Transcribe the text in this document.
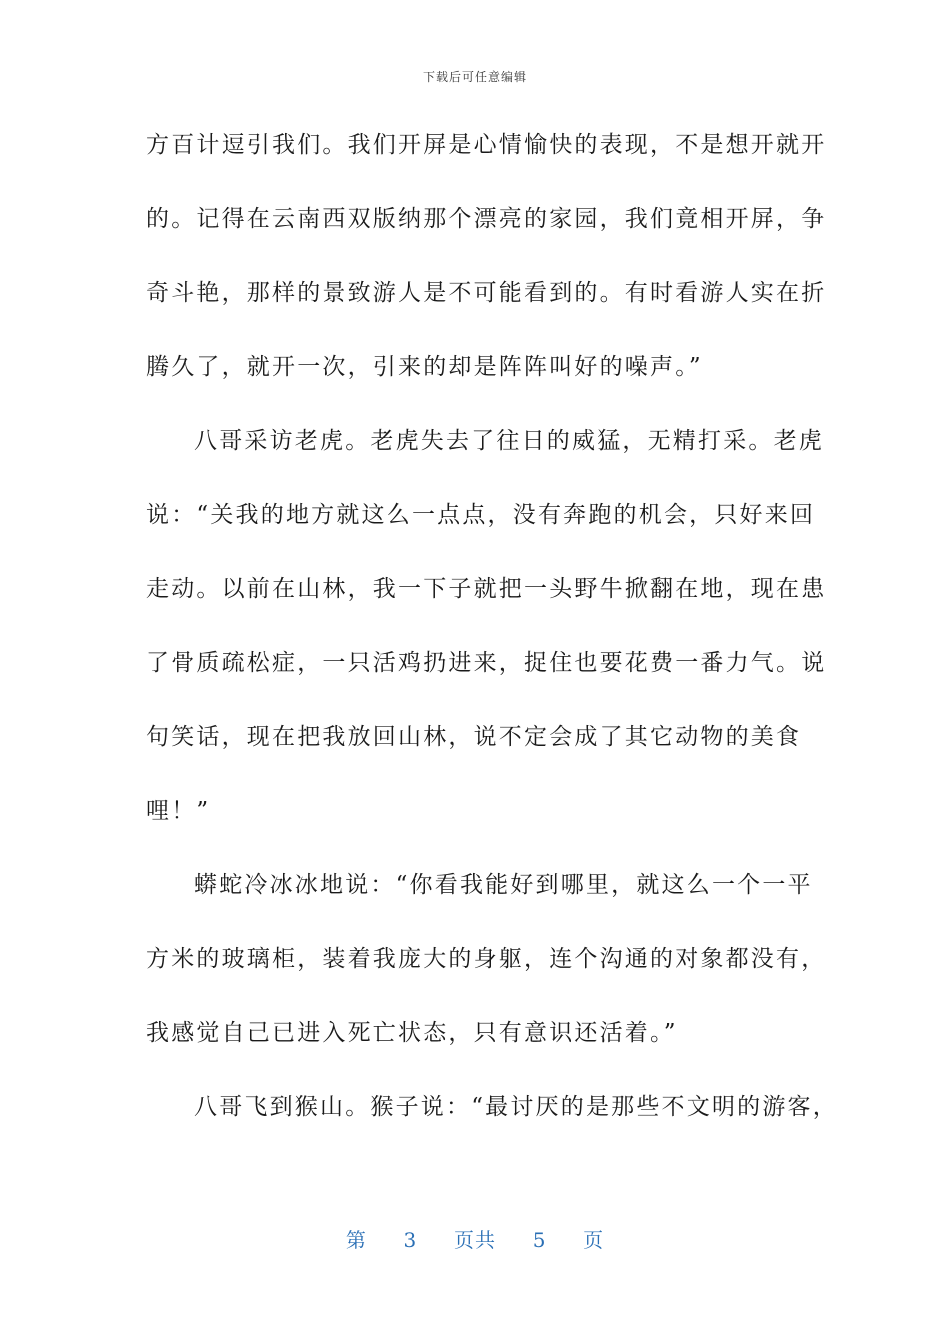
下载后可任意编辑
方百计逗引我们。我们开屏是心情愉快的表现，不是想开就开
的。记得在云南西双版纳那个漂亮的家园，我们竟相开屏，争
奇斗艳，那样的景致游人是不可能看到的。有时看游人实在折
腾久了，就开一次，引来的却是阵阵叫好的噪声。”
八哥采访老虎。老虎失去了往日的威猛，无精打采。老虎
说：“关我的地方就这么一点点，没有奔跑的机会，只好来回
走动。以前在山林，我一下子就把一头野牛掀翻在地，现在患
了骨质疏松症，一只活鸡扔进来，捉住也要花费一番力气。说
句笑话，现在把我放回山林，说不定会成了其它动物的美食
哩！”
蟒蛇冷冰冰地说：“你看我能好到哪里，就这么一个一平
方米的玻璃柜，装着我庞大的身躯，连个沟通的对象都没有，
我感觉自己已进入死亡状态，只有意识还活着。”
八哥飞到猴山。猴子说：“最讨厌的是那些不文明的游客，
第 3 页共 5 页
